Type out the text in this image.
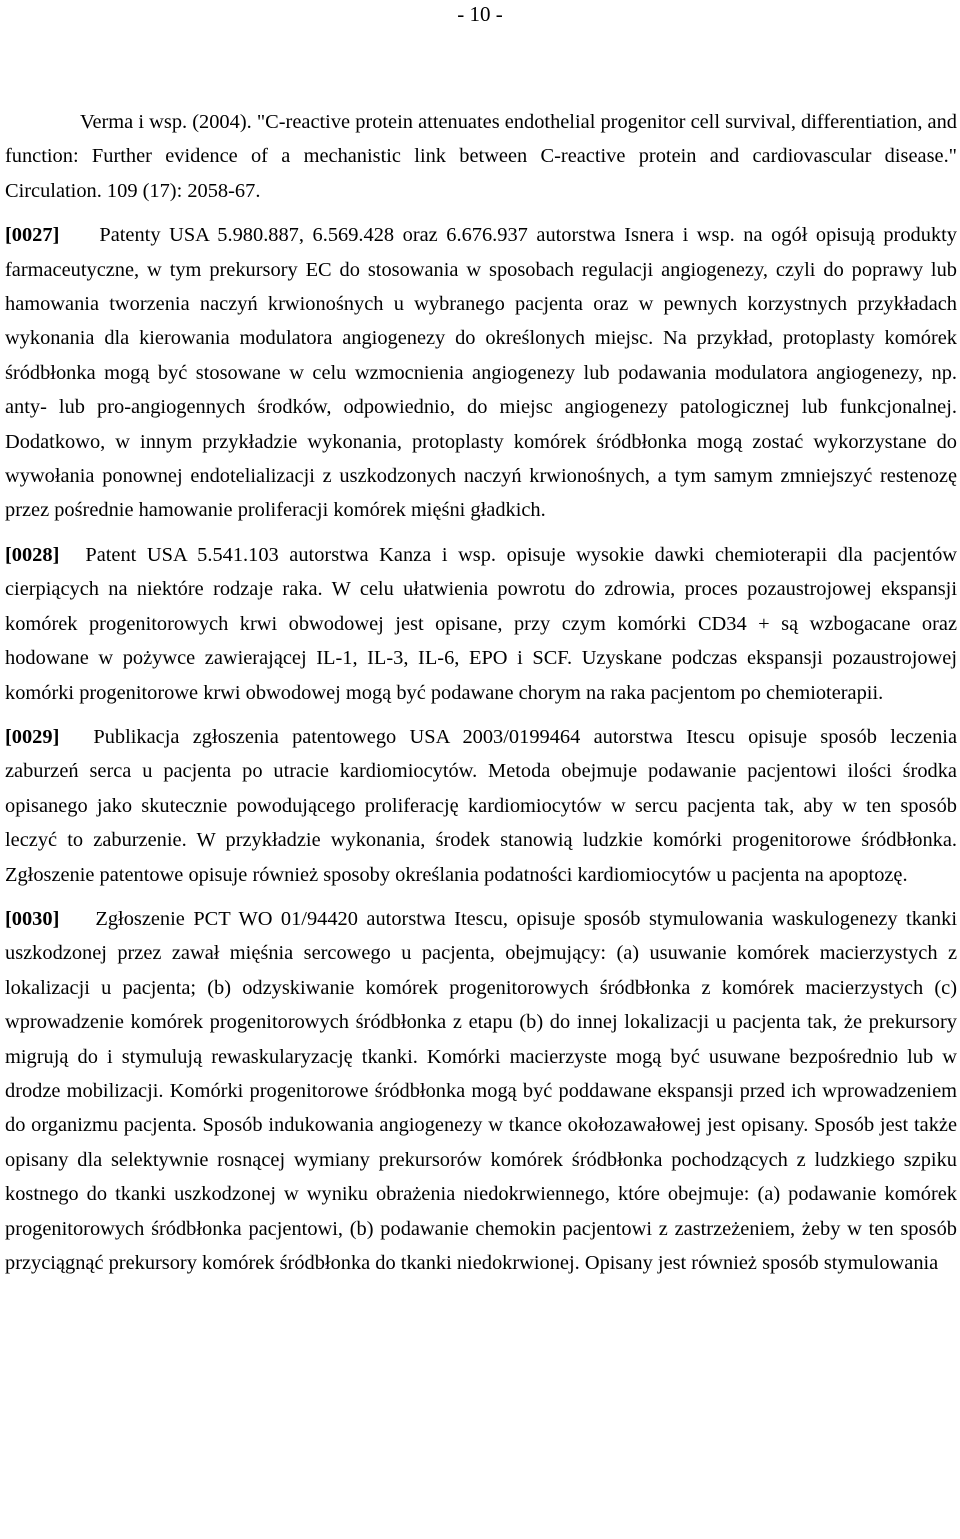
- 10 -

Verma i wsp. (2004). "C-reactive protein attenuates endothelial progenitor cell survival, differentiation, and function: Further evidence of a mechanistic link between C-reactive protein and cardiovascular disease." Circulation. 109 (17): 2058-67.

[0027] Patenty USA 5.980.887, 6.569.428 oraz 6.676.937 autorstwa Isnera i wsp. na ogół opisują produkty farmaceutyczne, w tym prekursory EC do stosowania w sposobach regulacji angiogenezy, czyli do poprawy lub hamowania tworzenia naczyń krwionośnych u wybranego pacjenta oraz w pewnych korzystnych przykładach wykonania dla kierowania modulatora angiogenezy do określonych miejsc. Na przykład, protoplasty komórek śródbłonka mogą być stosowane w celu wzmocnienia angiogenezy lub podawania modulatora angiogenezy, np. anty- lub pro-angiogennych środków, odpowiednio, do miejsc angiogenezy patologicznej lub funkcjonalnej. Dodatkowo, w innym przykładzie wykonania, protoplasty komórek śródbłonka mogą zostać wykorzystane do wywołania ponownej endotelializacji z uszkodzonych naczyń krwionośnych, a tym samym zmniejszyć restenozę przez pośrednie hamowanie proliferacji komórek mięśni gładkich.

[0028] Patent USA 5.541.103 autorstwa Kanza i wsp. opisuje wysokie dawki chemioterapii dla pacjentów cierpiących na niektóre rodzaje raka. W celu ułatwienia powrotu do zdrowia, proces pozaustrojowej ekspansji komórek progenitorowych krwi obwodowej jest opisane, przy czym komórki CD34 + są wzbogacane oraz hodowane w pożywce zawierającej IL-1, IL-3, IL-6, EPO i SCF. Uzyskane podczas ekspansji pozaustrojowej komórki progenitorowe krwi obwodowej mogą być podawane chorym na raka pacjentom po chemioterapii.

[0029] Publikacja zgłoszenia patentowego USA 2003/0199464 autorstwa Itescu opisuje sposób leczenia zaburzeń serca u pacjenta po utracie kardiomiocytów. Metoda obejmuje podawanie pacjentowi ilości środka opisanego jako skutecznie powodującego proliferację kardiomiocytów w sercu pacjenta tak, aby w ten sposób leczyć to zaburzenie. W przykładzie wykonania, środek stanowią ludzkie komórki progenitorowe śródbłonka. Zgłoszenie patentowe opisuje również sposoby określania podatności kardiomiocytów u pacjenta na apoptozę.

[0030] Zgłoszenie PCT WO 01/94420 autorstwa Itescu, opisuje sposób stymulowania waskulogenezy tkanki uszkodzonej przez zawał mięśnia sercowego u pacjenta, obejmujący: (a) usuwanie komórek macierzystych z lokalizacji u pacjenta; (b) odzyskiwanie komórek progenitorowych śródbłonka z komórek macierzystych (c) wprowadzenie komórek progenitorowych śródbłonka z etapu (b) do innej lokalizacji u pacjenta tak, że prekursory migrują do i stymulują rewaskularyzację tkanki. Komórki macierzyste mogą być usuwane bezpośrednio lub w drodze mobilizacji. Komórki progenitorowe śródbłonka mogą być poddawane ekspansji przed ich wprowadzeniem do organizmu pacjenta. Sposób indukowania angiogenezy w tkance okołozawałowej jest opisany. Sposób jest także opisany dla selektywnie rosnącej wymiany prekursorów komórek śródbłonka pochodzących z ludzkiego szpiku kostnego do tkanki uszkodzonej w wyniku obrażenia niedokrwiennego, które obejmuje: (a) podawanie komórek progenitorowych śródbłonka pacjentowi, (b) podawanie chemokin pacjentowi z zastrzeżeniem, żeby w ten sposób przyciągnąć prekursory komórek śródbłonka do tkanki niedokrwionej. Opisany jest również sposób stymulowania
